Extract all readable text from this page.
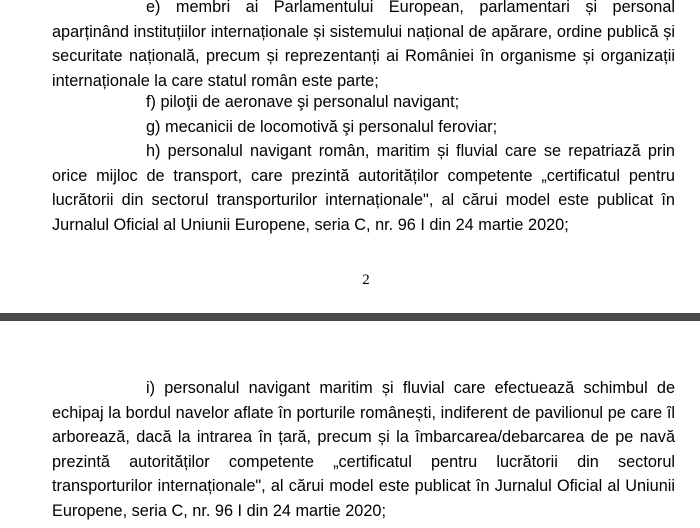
e) membri ai Parlamentului European, parlamentari și personal aparținând instituțiilor internaționale și sistemului național de apărare, ordine publică și securitate națională, precum și reprezentanți ai României în organisme și organizații internaționale la care statul român este parte;

f) piloţii de aeronave şi personalul navigant;

g) mecanicii de locomotivă şi personalul feroviar;

h) personalul navigant român, maritim și fluvial care se repatriază prin orice mijloc de transport, care prezintă autorităților competente „certificatul pentru lucrătorii din sectorul transporturilor internaționale", al cărui model este publicat în Jurnalul Oficial al Uniunii Europene, seria C, nr. 96 I din 24 martie 2020;

2

i) personalul navigant maritim și fluvial care efectuează schimbul de echipaj la bordul navelor aflate în porturile românești, indiferent de pavilionul pe care îl arborează, dacă la intrarea în țară, precum și la îmbarcarea/debarcarea de pe navă prezintă autorităților competente „certificatul pentru lucrătorii din sectorul transporturilor internaționale", al cărui model este publicat în Jurnalul Oficial al Uniunii Europene, seria C, nr. 96 I din 24 martie 2020;
